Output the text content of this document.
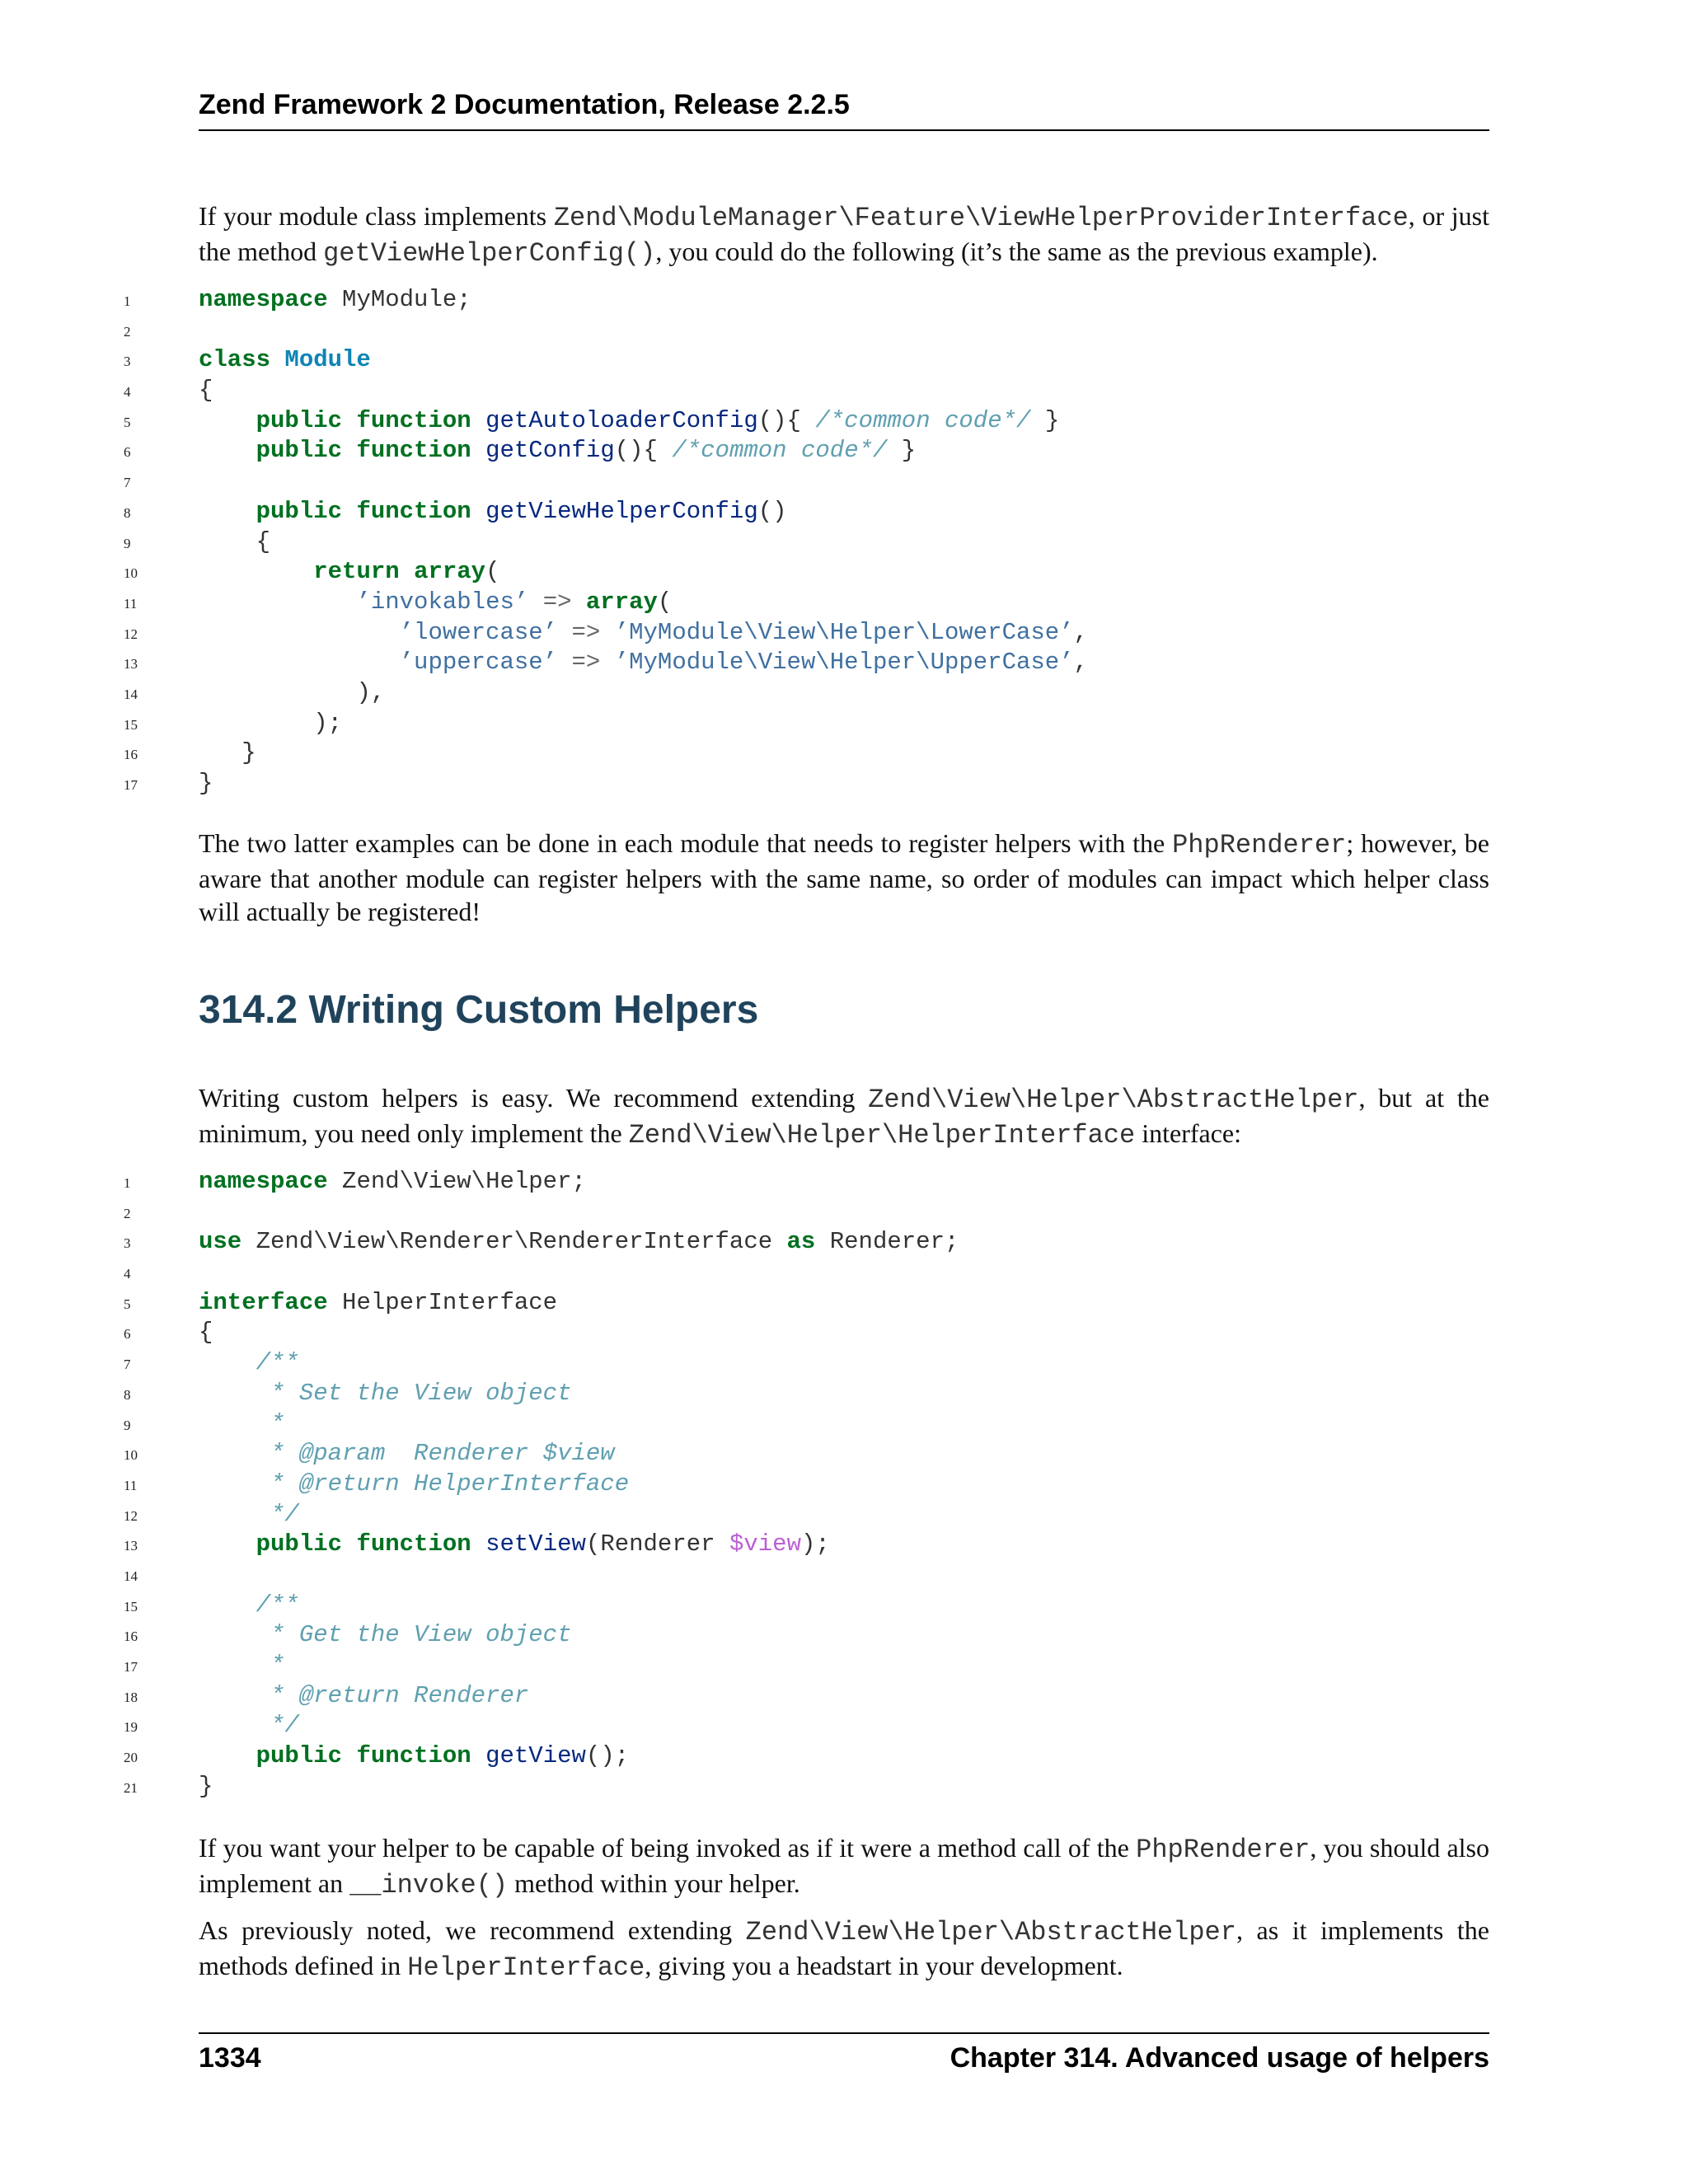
Zend Framework 2 Documentation, Release 2.2.5

If your module class implements Zend\ModuleManager\Feature\ViewHelperProviderInterface, or just the method getViewHelperConfig(), you could do the following (it’s the same as the previous example).

1	namespace MyModule;
2
3	class Module
4	{
5	public function getAutoloaderConfig(){ /*common code*/ }
6	public function getConfig(){ /*common code*/ }
7
8	public function getViewHelperConfig()
9	{
10	return array(
11	’invokables’ => array(
12	’lowercase’ => ’MyModule\View\Helper\LowerCase’,
13	’uppercase’ => ’MyModule\View\Helper\UpperCase’,
14	),
15	);
16	}
17	}

The two latter examples can be done in each module that needs to register helpers with the PhpRenderer; however, be aware that another module can register helpers with the same name, so order of modules can impact which helper class will actually be registered!

314.2 Writing Custom Helpers

Writing custom helpers is easy. We recommend extending Zend\View\Helper\AbstractHelper, but at the minimum, you need only implement the Zend\View\Helper\HelperInterface interface:

1	namespace Zend\View\Helper;
2
3	use Zend\View\Renderer\RendererInterface as Renderer;
4
5	interface HelperInterface
6	{
7	/**
8	* Set the View object
9	*
10	* @param  Renderer $view
11	* @return HelperInterface
12	*/
13	public function setView(Renderer $view);
14
15	/**
16	* Get the View object
17	*
18	* @return Renderer
19	*/
20	public function getView();
21	}

If you want your helper to be capable of being invoked as if it were a method call of the PhpRenderer, you should also implement an __invoke() method within your helper.

As previously noted, we recommend extending Zend\View\Helper\AbstractHelper, as it implements the methods defined in HelperInterface, giving you a headstart in your development.

1334	Chapter 314. Advanced usage of helpers
